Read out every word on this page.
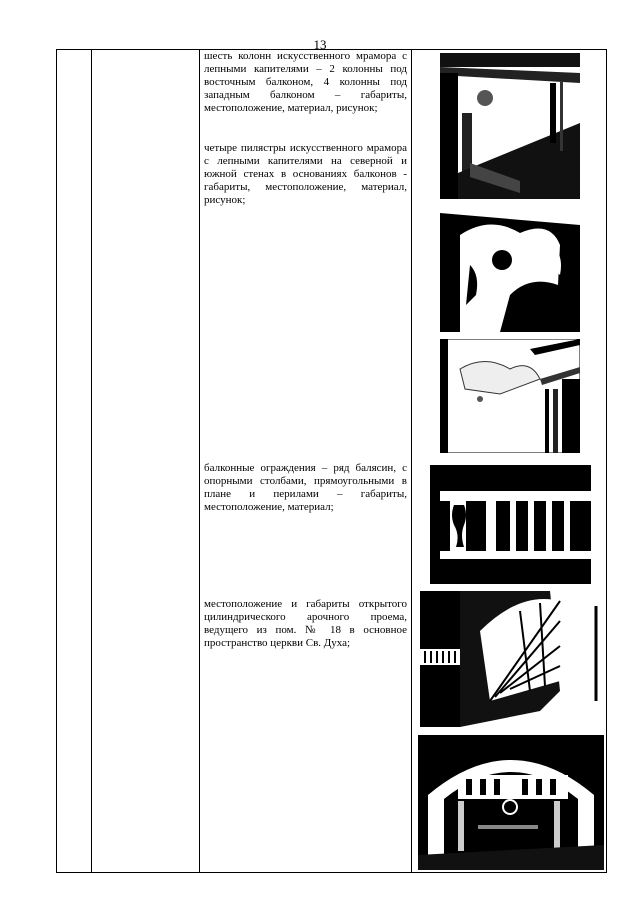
13

шесть колонн искусственного мрамора с лепными капителями – 2 колонны под восточным балконом, 4 колонны под западным балконом – габариты, местоположение, материал, рисунок;

четыре пилястры искусственного мрамора с лепными капителями на северной и южной стенах в основаниях балконов - габариты, местоположение, материал, рисунок;

балконные ограждения – ряд балясин, с опорными столбами, прямоугольными в плане и перилами – габариты, местоположение, материал;

местоположение и габариты открытого цилиндрического арочного проема, ведущего из пом. № 18 в основное пространство церкви Св. Духа;
